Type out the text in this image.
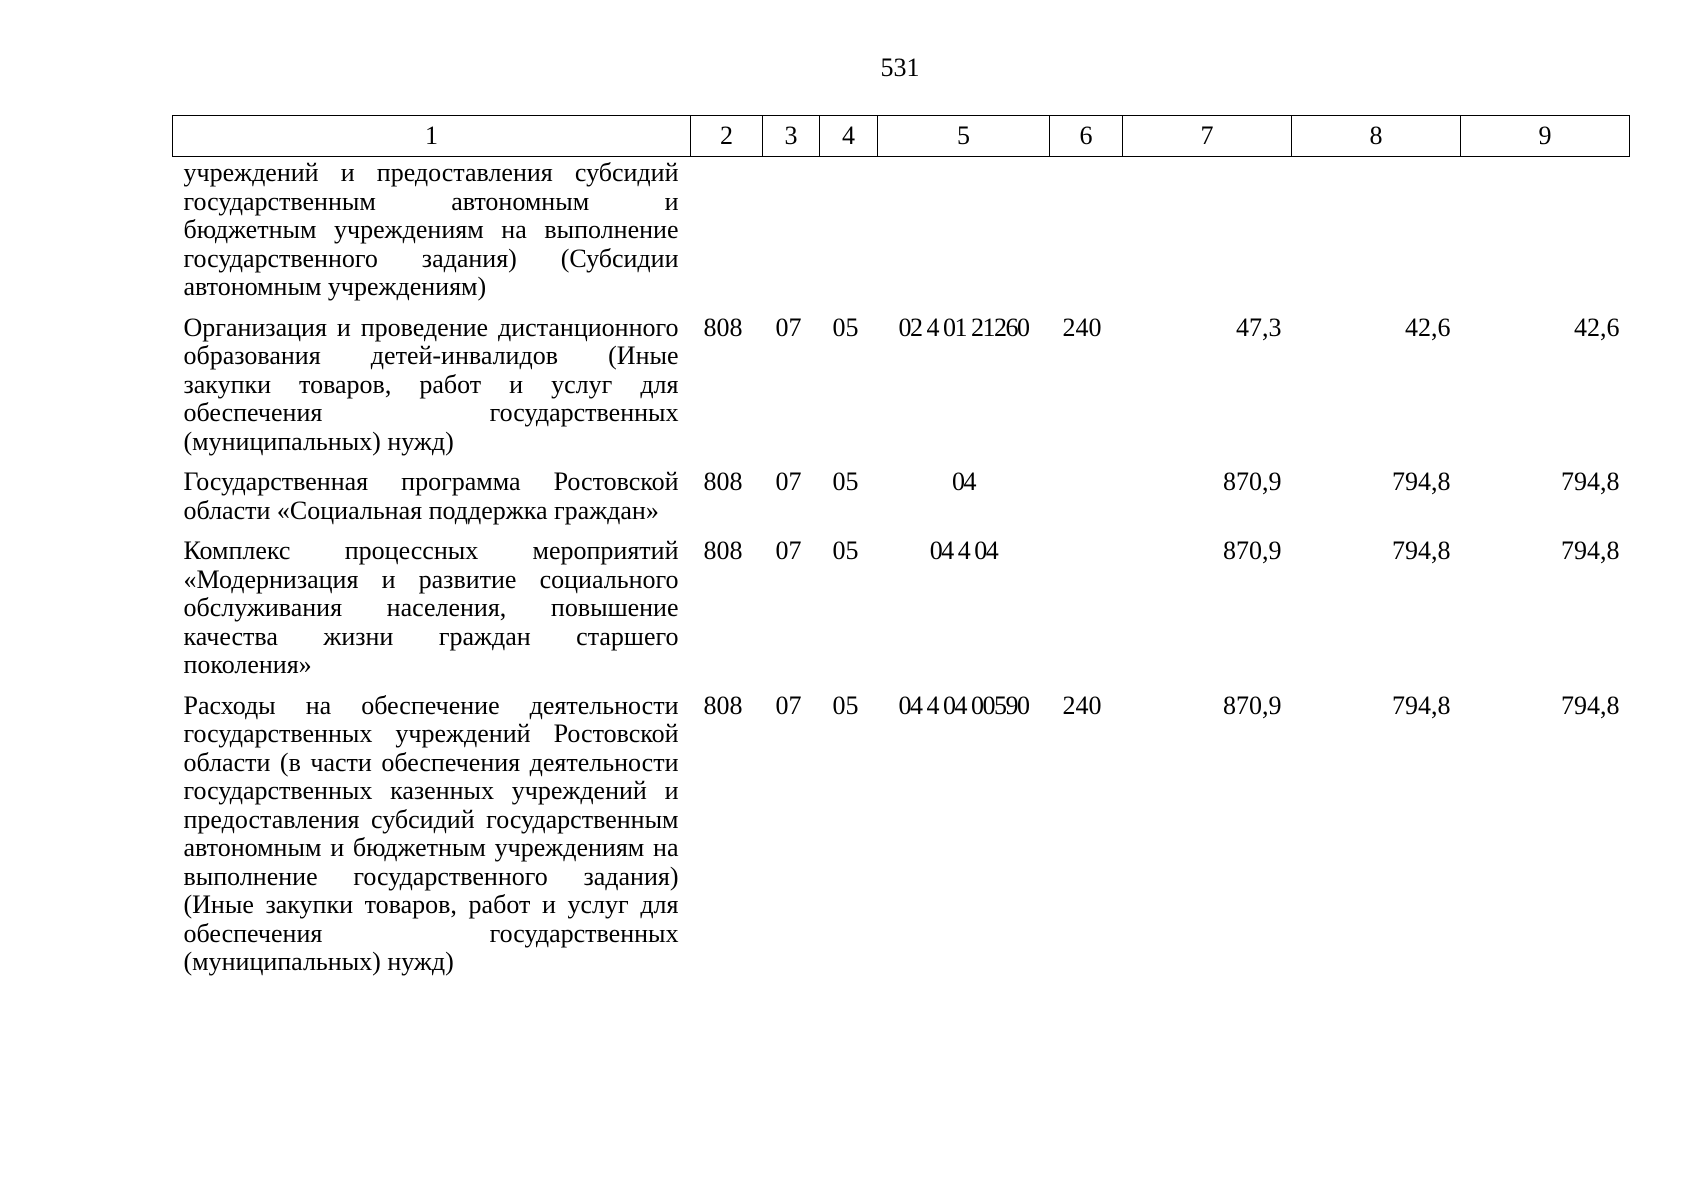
531
1	2	3	4	5	6	7	8	9
учреждений и предоставления субсидий государственным автономным и бюджетным учреждениям на выполнение государственного задания) (Субсидии автономным учреждениям)								
Организация и проведение дистанционного образования детей-инвалидов (Иные закупки товаров, работ и услуг для обеспечения государственных (муниципальных) нужд)	808	07	05	02 4 01 21260	240	47,3	42,6	42,6
Государственная программа Ростовской области «Социальная поддержка граждан»	808	07	05	04		870,9	794,8	794,8
Комплекс процессных мероприятий «Модернизация и развитие социального обслуживания населения, повышение качества жизни граждан старшего поколения»	808	07	05	04 4 04		870,9	794,8	794,8
Расходы на обеспечение деятельности государственных учреждений Ростовской области (в части обеспечения деятельности государственных казенных учреждений и предоставления субсидий государственным автономным и бюджетным учреждениям на выполнение государственного задания) (Иные закупки товаров, работ и услуг для обеспечения государственных (муниципальных) нужд)	808	07	05	04 4 04 00590	240	870,9	794,8	794,8
